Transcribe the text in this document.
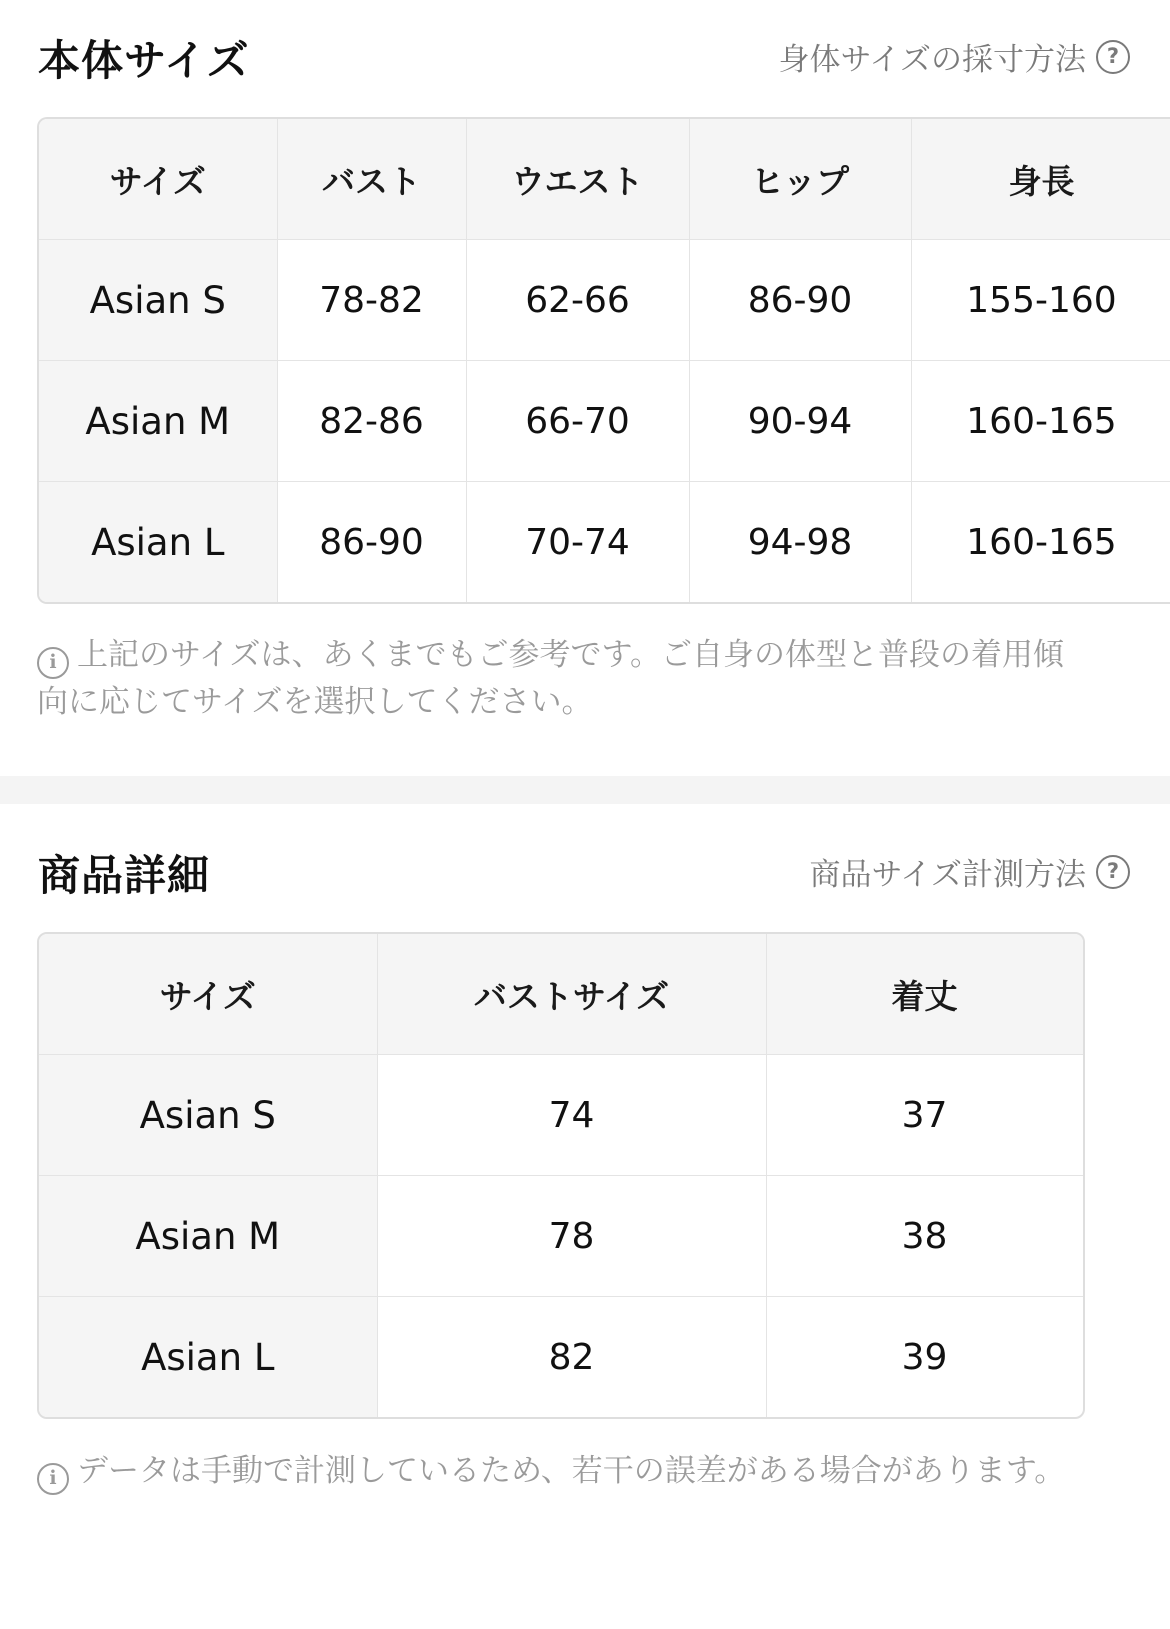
本体サイズ	身体サイズの採寸方法 ?
サイズ	バスト	ウエスト	ヒップ	身長
Asian S	78-82	62-66	86-90	155-160
Asian M	82-86	66-70	90-94	160-165
Asian L	86-90	70-74	94-98	160-165
i 上記のサイズは、あくまでもご参考です。ご自身の体型と普段の着用傾向に応じてサイズを選択してください。
商品詳細	商品サイズ計測方法 ?
サイズ	バストサイズ	着丈
Asian S	74	37
Asian M	78	38
Asian L	82	39
i データは手動で計測しているため、若干の誤差がある場合があります。
